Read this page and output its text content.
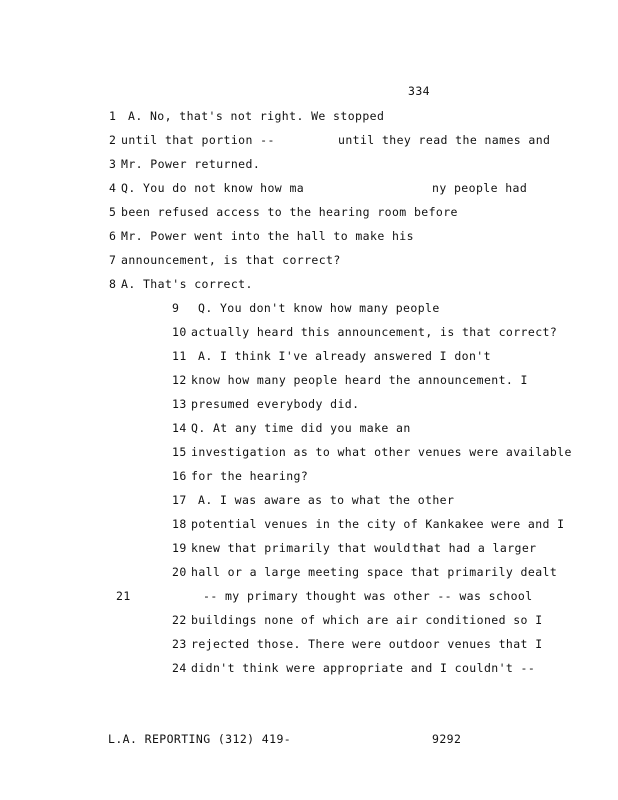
334
1 A. No, that's not right. We stopped
2 until that portion --	until they read the names and
3 Mr. Power returned.
4 Q. You do not know how ma	ny people had
5 been refused access to the hearing room before
6 Mr. Power went into the hall to make his
7 announcement, is that correct?
8 A. That's correct.
9 Q. You don't know how many people
10 actually heard this announcement, is that correct?
11 A. I think I've already answered I don't
12 know how many people heard the announcement. I
13 presumed everybody did.
14 Q. At any time did you make an
15 investigation as to what other venues were available
16 for the hearing?
17 A. I was aware as to what the other
18 potential venues in the city of Kankakee were and I
19 knew that primarily that would --
that had a larger
20 hall or a large meeting space that primarily dealt
21	-- my primary thought was other -- was school
22 buildings none of which are air conditioned so I
23 rejected those. There were outdoor venues that I
24 didn't think were appropriate and I couldn't --
L.A. REPORTING (312) 419-	9292
